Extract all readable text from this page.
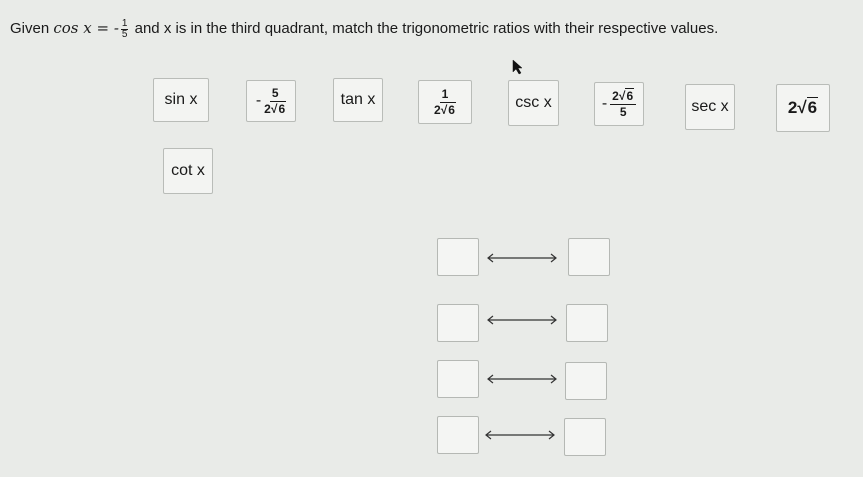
Given cos x = - $\frac{1}{5}$ and x is in the third quadrant, match the trigonometric ratios with their respective values.
sin x	- $\frac{5}{2√6}$	tan x	$\frac{1}{2√6}$	csc x	- $\frac{2√6}{5}$	sec x	2√6
cot x
